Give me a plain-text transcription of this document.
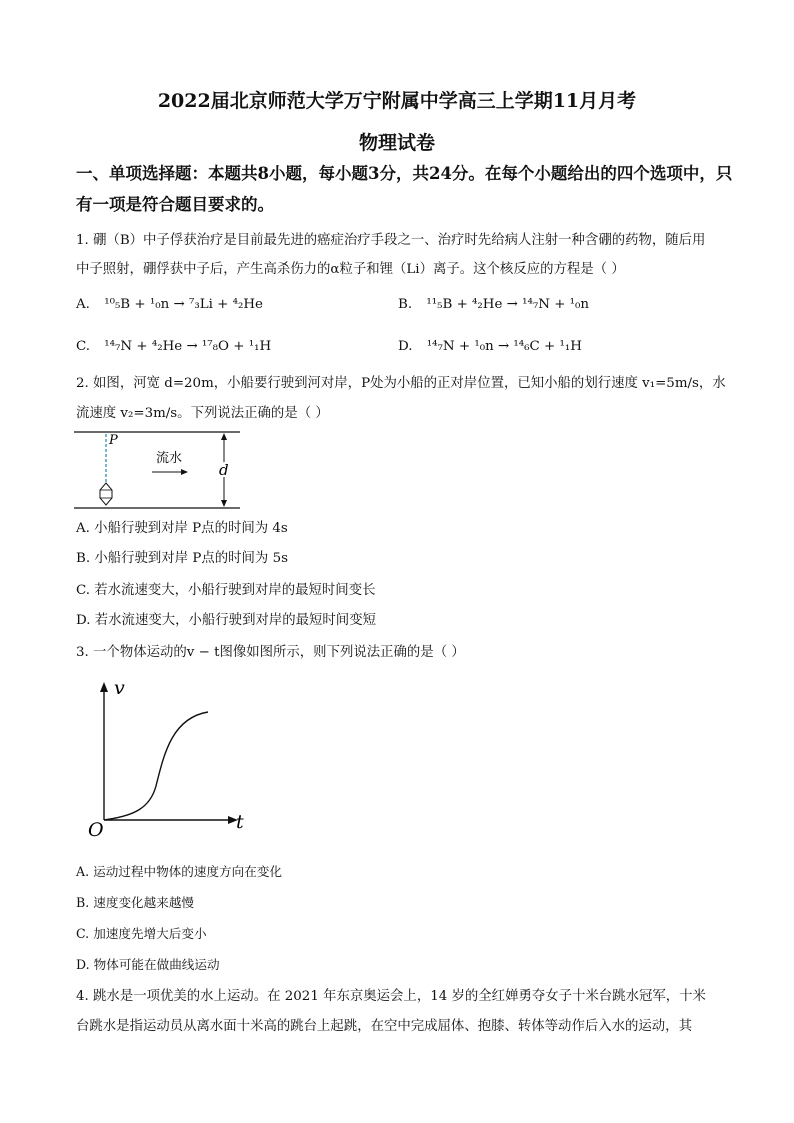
2022届北京师范大学万宁附属中学高三上学期11月月考
物理试卷
一、单项选择题：本题共8小题，每小题3分，共24分。在每个小题给出的四个选项中，只
有一项是符合题目要求的。
1. 硼（B）中子俘获治疗是目前最先进的癌症治疗手段之一、治疗时先给病人注射一种含硼的药物，随后用
中子照射，硼俘获中子后，产生高杀伤力的α粒子和锂（Li）离子。这个核反应的方程是（ ）
A. ¹⁰₅B + ¹₀n → ⁷₃Li + ⁴₂He	B. ¹¹₅B + ⁴₂He → ¹⁴₇N + ¹₀n
C. ¹⁴₇N + ⁴₂He → ¹⁷₈O + ¹₁H	D. ¹⁴₇N + ¹₀n → ¹⁴₆C + ¹₁H
2. 如图，河宽 d=20m，小船要行驶到河对岸，P处为小船的正对岸位置，已知小船的划行速度 v₁=5m/s，水
流速度 v₂=3m/s。下列说法正确的是（ ）
P
流水
d
A. 小船行驶到对岸 P点的时间为 4s
B. 小船行驶到对岸 P点的时间为 5s
C. 若水流速变大，小船行驶到对岸的最短时间变长
D. 若水流速变大，小船行驶到对岸的最短时间变短
3. 一个物体运动的v − t图像如图所示，则下列说法正确的是（ ）
v
t
O
A. 运动过程中物体的速度方向在变化
B. 速度变化越来越慢
C. 加速度先增大后变小
D. 物体可能在做曲线运动
4. 跳水是一项优美的水上运动。在 2021 年东京奥运会上，14 岁的全红婵勇夺女子十米台跳水冠军，十米
台跳水是指运动员从离水面十米高的跳台上起跳，在空中完成屈体、抱膝、转体等动作后入水的运动，其
